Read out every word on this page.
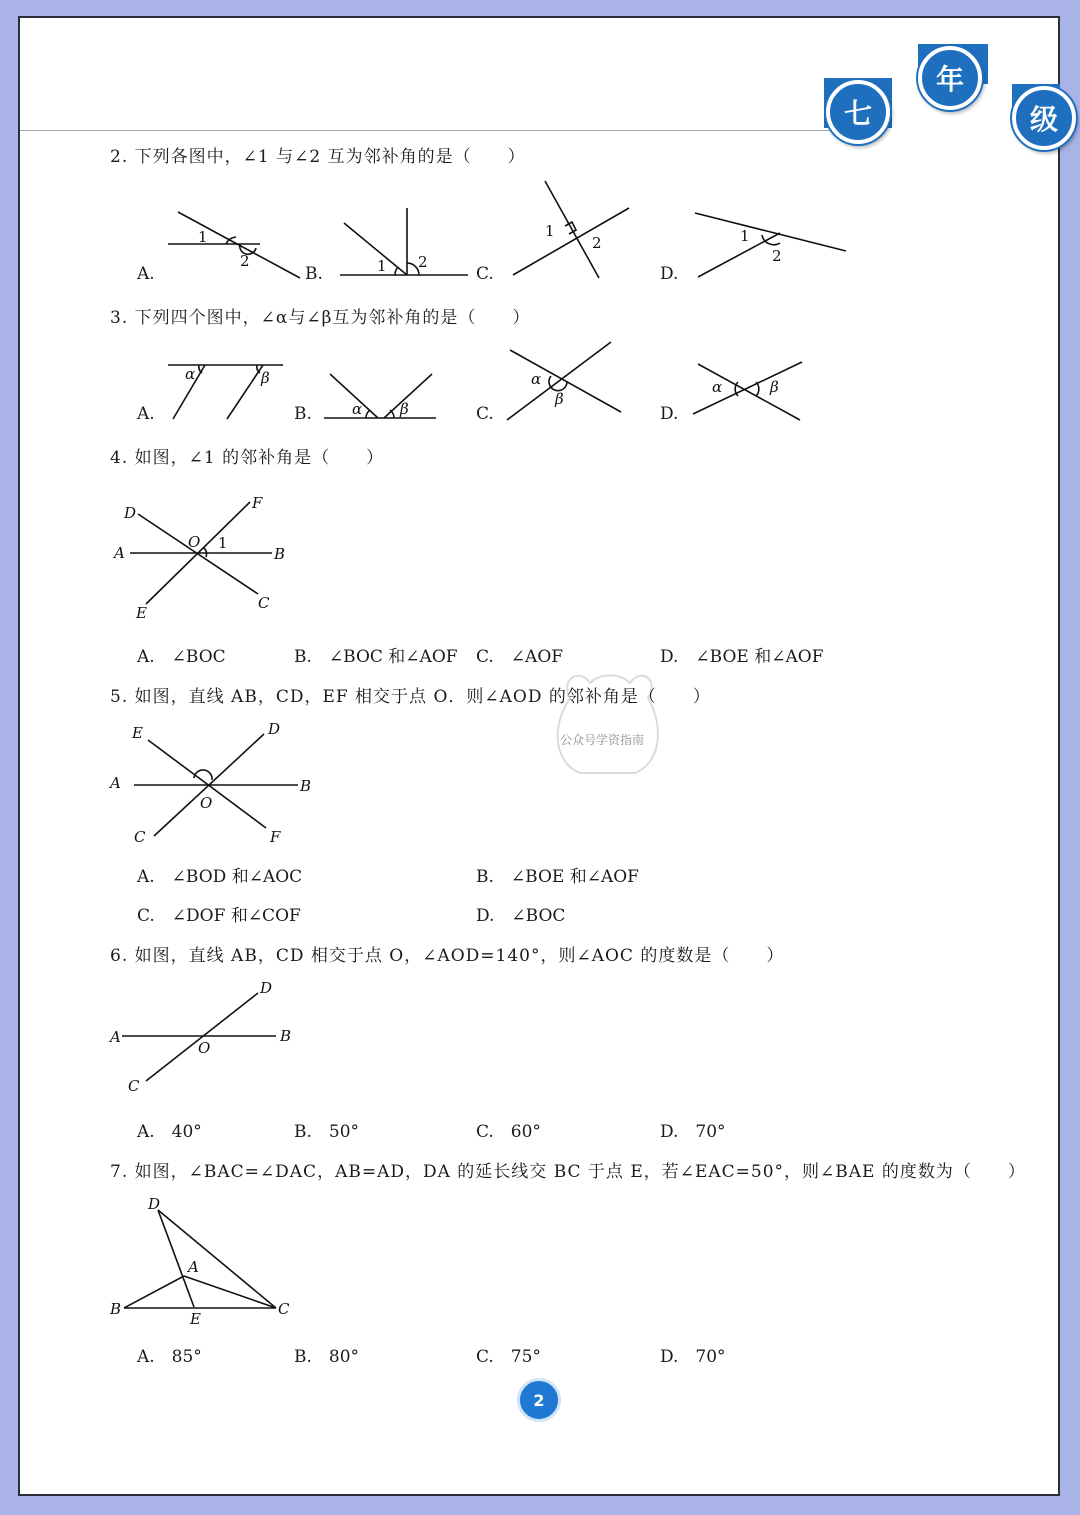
七
年
级
公众号学资指南
2. 下列各图中，∠1 与∠2 互为邻补角的是（　　）
A.	B.	C.	D.
1
2	1 2
1
2	1
2
3. 下列四个图中，∠α与∠β互为邻补角的是（　　）
A.	B.	C.	D.
α	β
α	β
α
β
α	β
4. 如图，∠1 的邻补角是（　　）
D
F
A
O 1
B
E
C
A.　∠BOC	B.　∠BOC 和∠AOF C.　∠AOF	D.　∠BOE 和∠AOF
5. 如图，直线 AB，CD，EF 相交于点 O．则∠AOD 的邻补角是（　　）
E	D
A	B
O
C	F
A.　∠BOD 和∠AOC	B.　∠BOE 和∠AOF
C.　∠DOF 和∠COF	D.　∠BOC
6. 如图，直线 AB，CD 相交于点 O，∠AOD=140°，则∠AOC 的度数是（　　）
D
A	B
O
C
A.　40°	B.　50°	C.　60°	D.　70°
7. 如图，∠BAC=∠DAC，AB=AD，DA 的延长线交 BC 于点 E，若∠EAC=50°，则∠BAE 的度数为（　　）
D
A
B
E
C
A.　85°	B.　80°	C.　75°	D.　70°
2
